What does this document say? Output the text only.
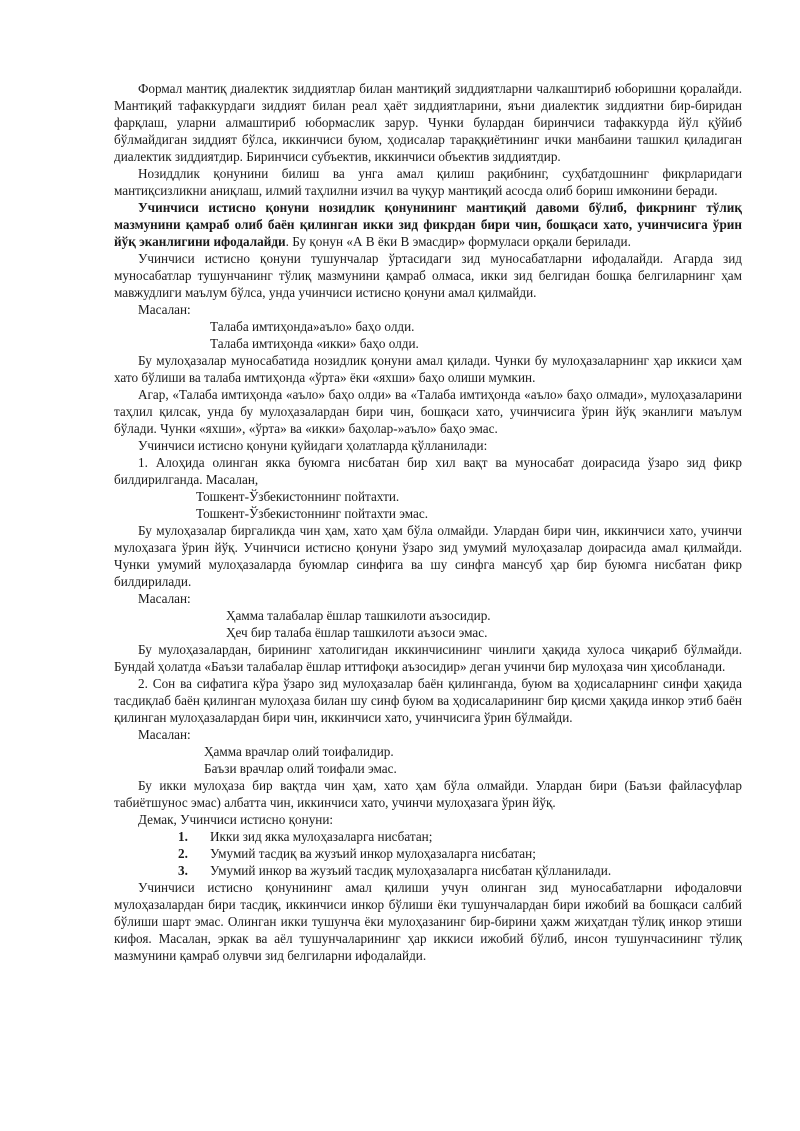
Формал мантиқ диалектик зиддиятлар билан мантиқий зиддиятларни чалкаштириб юборишни қоралайди. Мантиқий тафаккурдаги зиддият билан реал ҳаёт зиддиятларини, яъни диалектик зиддиятни бир-биридан фарқлаш, уларни алмаштириб юбормаслик зарур. Чунки булардан биринчиси тафаккурда йўл қўйиб бўлмайдиган зиддият бўлса, иккинчиси буюм, ҳодисалар тараққиётининг ички манбаини ташкил қиладиган диалектик зиддиятдир. Биринчиси субъектив, иккинчиси объектив зиддиятдир.

Нозиддлик қонунини билиш ва унга амал қилиш рақибнинг, суҳбатдошнинг фикрларидаги мантиқсизликни аниқлаш, илмий таҳлилни изчил ва чуқур мантиқий асосда олиб бориш имконини беради.

Учинчиси истисно қонуни нозидлик қонунининг мантиқий давоми бўлиб, фикрнинг тўлиқ мазмунини қамраб олиб баён қилинган икки зид фикрдан бири чин, бошқаси хато, учинчисига ўрин йўқ эканлигини ифодалайди. Бу қонун «А В ёки В эмасдир» формуласи орқали берилади.

Учинчиси истисно қонуни тушунчалар ўртасидаги зид муносабатларни ифодалайди. Агарда зид муносабатлар тушунчанинг тўлиқ мазмунини қамраб олмаса, икки зид белгидан бошқа белгиларнинг ҳам мавжудлиги маълум бўлса, унда учинчиси истисно қонуни амал қилмайди.

Масалан:

Талаба имтиҳонда»аъло» баҳо олди.
Талаба имтиҳонда «икки» баҳо олди.

Бу мулоҳазалар муносабатида нозидлик қонуни амал қилади. Чунки бу мулоҳазаларнинг ҳар иккиси ҳам хато бўлиши ва талаба имтиҳонда «ўрта» ёки «яхши» баҳо олиши мумкин.

Агар, «Талаба имтиҳонда «аъло» баҳо олди» ва «Талаба имтиҳонда «аъло» баҳо олмади», мулоҳазаларини таҳлил қилсак, унда бу мулоҳазалардан бири чин, бошқаси хато, учинчисига ўрин йўқ эканлиги маълум бўлади. Чунки «яхши», «ўрта» ва «икки» баҳолар-»аъло» баҳо эмас.

Учинчиси истисно қонуни қуйидаги ҳолатларда қўлланилади:

1. Алоҳида олинган якка буюмга нисбатан бир хил вақт ва муносабат доирасида ўзаро зид фикр билдирилганда. Масалан,

Тошкент-Ўзбекистоннинг пойтахти.
Тошкент-Ўзбекистоннинг пойтахти эмас.

Бу мулоҳазалар биргаликда чин ҳам, хато ҳам бўла олмайди. Улардан бири чин, иккинчиси хато, учинчи мулоҳазага ўрин йўқ. Учинчиси истисно қонуни ўзаро зид умумий мулоҳазалар доирасида амал қилмайди. Чунки умумий мулоҳазаларда буюмлар синфига ва шу синфга мансуб ҳар бир буюмга нисбатан фикр билдирилади.

Масалан:

Ҳамма талабалар ёшлар ташкилоти аъзосидир.
Ҳеч бир талаба ёшлар ташкилоти аъзоси эмас.

Бу мулоҳазалардан, бирининг хатолигидан иккинчисининг чинлиги ҳақида хулоса чиқариб бўлмайди. Бундай ҳолатда «Баъзи талабалар ёшлар иттифоқи аъзосидир» деган учинчи бир мулоҳаза чин ҳисобланади.

2. Сон ва сифатига кўра ўзаро зид мулоҳазалар баён қилинганда, буюм ва ҳодисаларнинг синфи ҳақида тасдиқлаб баён қилинган мулоҳаза билан шу синф буюм ва ҳодисаларининг бир қисми ҳақида инкор этиб баён қилинган мулоҳазалардан бири чин, иккинчиси хато, учинчисига ўрин бўлмайди.

Масалан:

Ҳамма врачлар олий тоифалидир.
Баъзи врачлар олий тоифали эмас.

Бу икки мулоҳаза бир вақтда чин ҳам, хато ҳам бўла олмайди. Улардан бири (Баъзи файласуфлар табиётшунос эмас) албатта чин, иккинчиси хато, учинчи мулоҳазага ўрин йўқ.

Демак, Учинчиси истисно қонуни:

1.	Икки зид якка мулоҳазаларга нисбатан;
2.	Умумий тасдиқ ва жузъий инкор мулоҳазаларга нисбатан;
3.	Умумий инкор ва жузъий тасдиқ мулоҳазаларга нисбатан қўлланилади.

Учинчиси истисно қонунининг амал қилиши учун олинган зид муносабатларни ифодаловчи мулоҳазалардан бири тасдиқ, иккинчиси инкор бўлиши ёки тушунчалардан бири ижобий ва бошқаси салбий бўлиши шарт эмас. Олинган икки тушунча ёки мулоҳазанинг бир-бирини ҳажм жиҳатдан тўлиқ инкор этиши кифоя. Масалан, эркак ва аёл тушунчаларининг ҳар иккиси ижобий бўлиб, инсон тушунчасининг тўлиқ мазмунини қамраб олувчи зид белгиларни ифодалайди.
